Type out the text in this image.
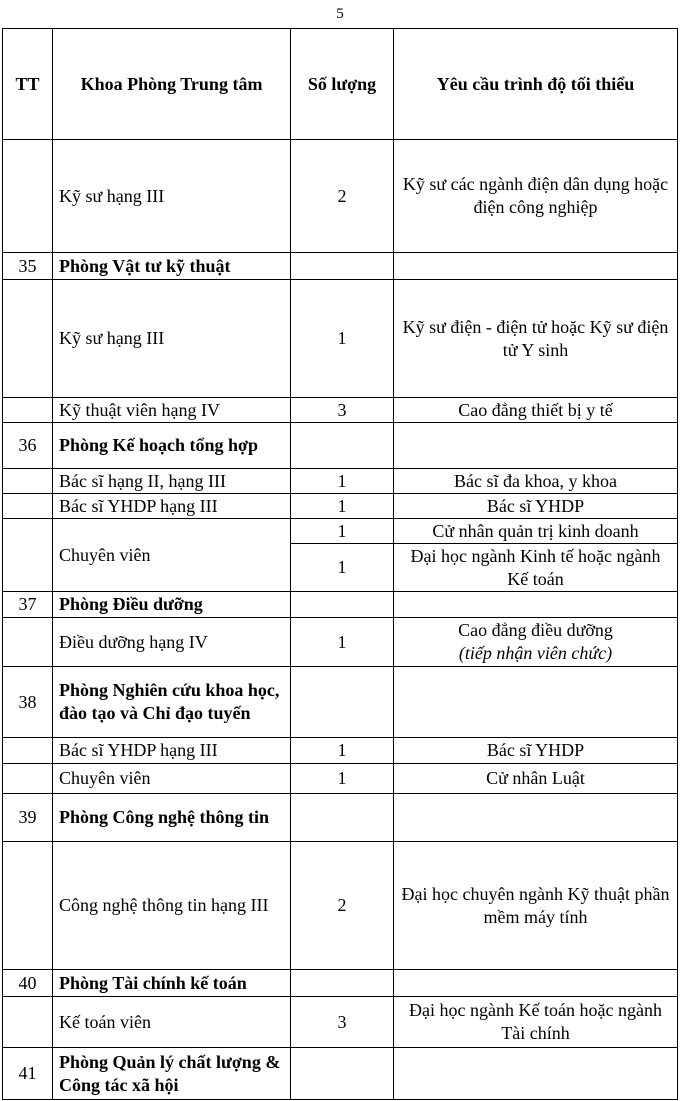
5
TT	Khoa Phòng Trung tâm	Số lượng	Yêu cầu trình độ tối thiểu
	Kỹ sư hạng III	2	Kỹ sư các ngành điện dân dụng hoặc điện công nghiệp
35	Phòng Vật tư kỹ thuật		
	Kỹ sư hạng III	1	Kỹ sư điện - điện tử hoặc Kỹ sư điện tử Y sinh
	Kỹ thuật viên hạng IV	3	Cao đẳng thiết bị y tế
36	Phòng Kế hoạch tổng hợp		
	Bác sĩ hạng II, hạng III	1	Bác sĩ đa khoa, y khoa
	Bác sĩ YHDP hạng III	1	Bác sĩ YHDP
	Chuyên viên	1	Cử nhân quản trị kinh doanh
		1	Đại học ngành Kinh tế hoặc ngành Kế toán
37	Phòng Điều dưỡng		
	Điều dưỡng hạng IV	1	Cao đẳng điều dưỡng
(tiếp nhận viên chức)

38	Phòng Nghiên cứu khoa học, đào tạo và Chỉ đạo tuyến		
	Bác sĩ YHDP hạng III	1	Bác sĩ YHDP
	Chuyên viên	1	Cử nhân Luật
39	Phòng Công nghệ thông tin		
	Công nghệ thông tin hạng III	2	Đại học chuyên ngành Kỹ thuật phần mềm máy tính
40	Phòng Tài chính kế toán		
	Kế toán viên	3	Đại học ngành Kế toán hoặc ngành Tài chính
41	Phòng Quản lý chất lượng & Công tác xã hội		
